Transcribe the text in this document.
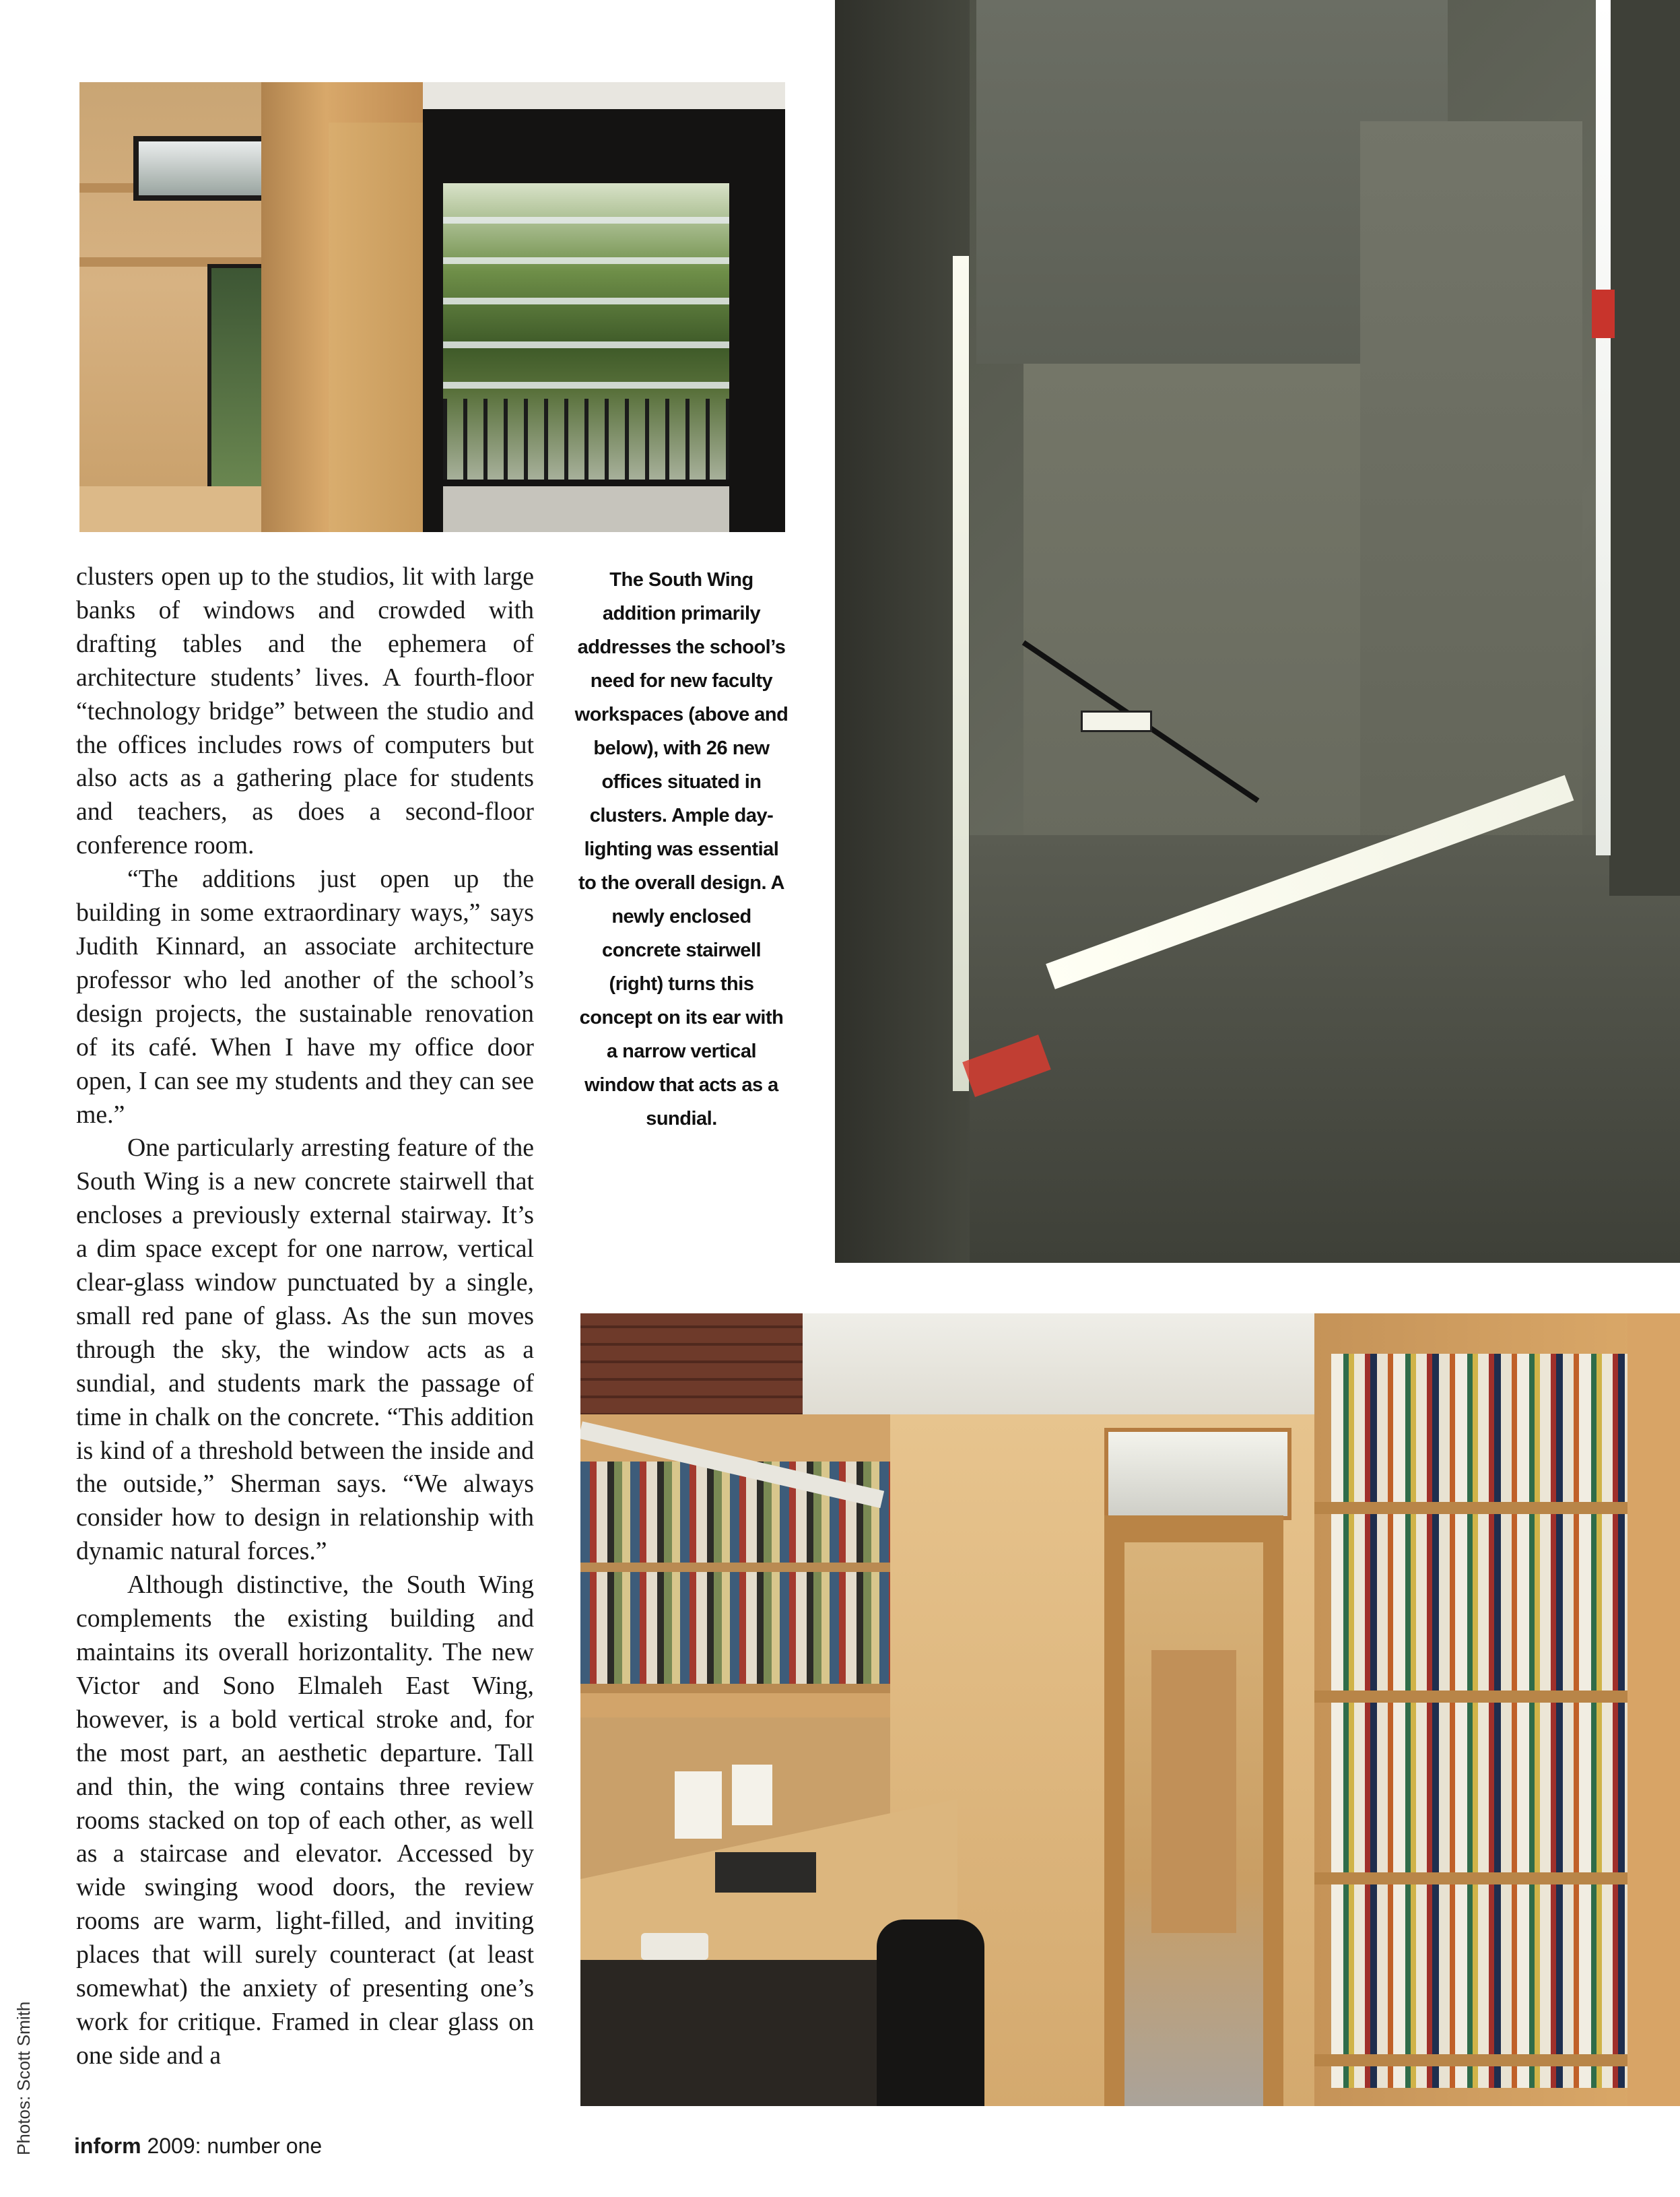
clusters open up to the studios, lit with large banks of windows and crowded with drafting tables and the ephemera of architecture students’ lives. A fourth-floor “technology bridge” between the studio and the offices includes rows of computers but also acts as a gathering place for students and teachers, as does a second-floor conference room.

“The additions just open up the building in some extraordinary ways,” says Judith Kinnard, an associate architecture professor who led another of the school’s design projects, the sustainable renovation of its café. When I have my office door open, I can see my students and they can see me.”

One particularly arresting feature of the South Wing is a new concrete stairwell that encloses a previously external stairway. It’s a dim space except for one narrow, vertical clear-glass window punctuated by a single, small red pane of glass. As the sun moves through the sky, the window acts as a sundial, and students mark the passage of time in chalk on the concrete. “This addition is kind of a threshold between the inside and the outside,” Sherman says. “We always consider how to design in relationship with dynamic natural forces.”

Although distinctive, the South Wing complements the existing building and maintains its overall horizontality. The new Victor and Sono Elmaleh East Wing, however, is a bold vertical stroke and, for the most part, an aesthetic departure. Tall and thin, the wing contains three review rooms stacked on top of each other, as well as a staircase and elevator. Accessed by wide swinging wood doors, the review rooms are warm, light-filled, and inviting places that will surely counteract (at least somewhat) the anxiety of presenting one’s work for critique. Framed in clear glass on one side and a

The South Wing addition primarily addresses the school’s need for new faculty workspaces (above and below), with 26 new offices situated in clusters. Ample day-lighting was essential to the overall design. A newly enclosed concrete stairwell (right) turns this concept on its ear with a narrow vertical window that acts as a sundial.
Photos: Scott Smith inform 2009: number one
